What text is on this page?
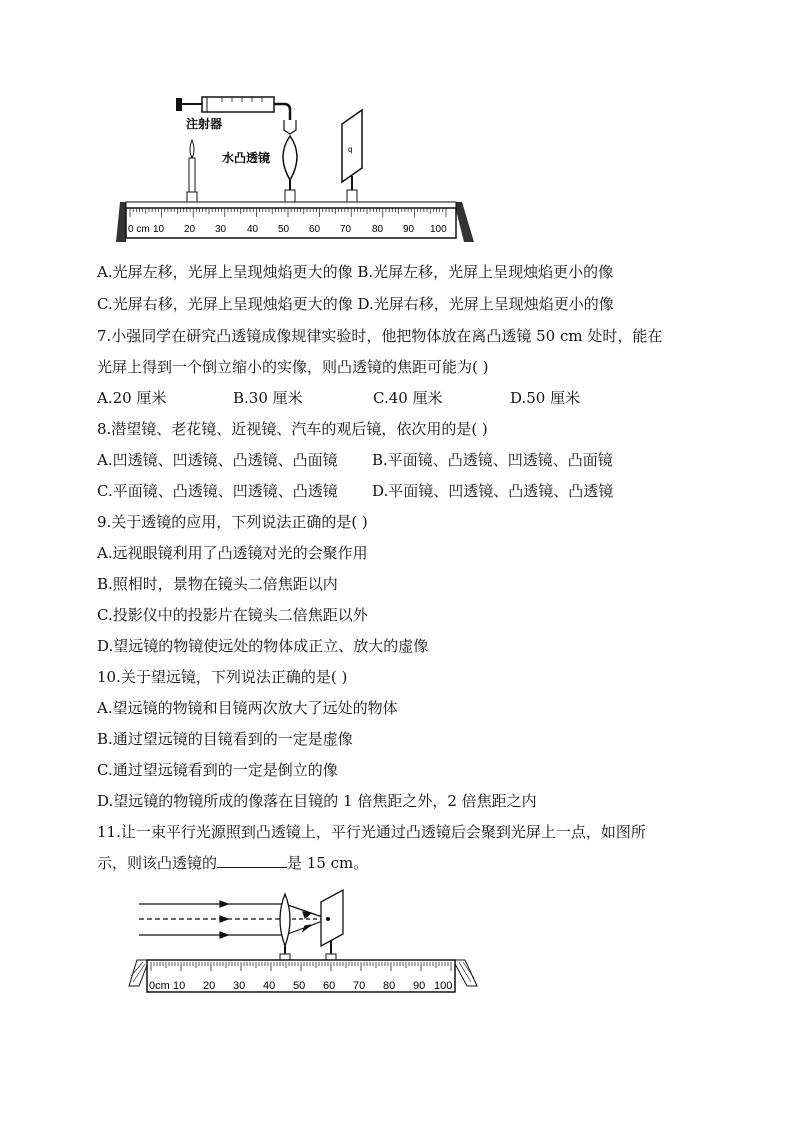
注射器
水凸透镜
q
0 cm 10 20 30 40 50 60 70 80 90 100
A.光屏左移，光屏上呈现烛焰更大的像 B.光屏左移，光屏上呈现烛焰更小的像
C.光屏右移，光屏上呈现烛焰更大的像 D.光屏右移，光屏上呈现烛焰更小的像
7.小强同学在研究凸透镜成像规律实验时，他把物体放在离凸透镜 50 cm 处时，能在
光屏上得到一个倒立缩小的实像，则凸透镜的焦距可能为( )
A.20 厘米	B.30 厘米	C.40 厘米	D.50 厘米
8.潜望镜、老花镜、近视镜、汽车的观后镜，依次用的是( )
A.凹透镜、凹透镜、凸透镜、凸面镜 B.平面镜、凸透镜、凹透镜、凸面镜
C.平面镜、凸透镜、凹透镜、凸透镜 D.平面镜、凹透镜、凸透镜、凸透镜
9.关于透镜的应用，下列说法正确的是( )
A.远视眼镜利用了凸透镜对光的会聚作用
B.照相时，景物在镜头二倍焦距以内
C.投影仪中的投影片在镜头二倍焦距以外
D.望远镜的物镜使远处的物体成正立、放大的虚像
10.关于望远镜，下列说法正确的是( )
A.望远镜的物镜和目镜两次放大了远处的物体
B.通过望远镜的目镜看到的一定是虚像
C.通过望远镜看到的一定是倒立的像
D.望远镜的物镜所成的像落在目镜的 1 倍焦距之外，2 倍焦距之内
11.让一束平行光源照到凸透镜上，平行光通过凸透镜后会聚到光屏上一点，如图所
示，则该凸透镜的	是 15 cm。
0cm 10 20 30 40 50 60 70 80 90 100
